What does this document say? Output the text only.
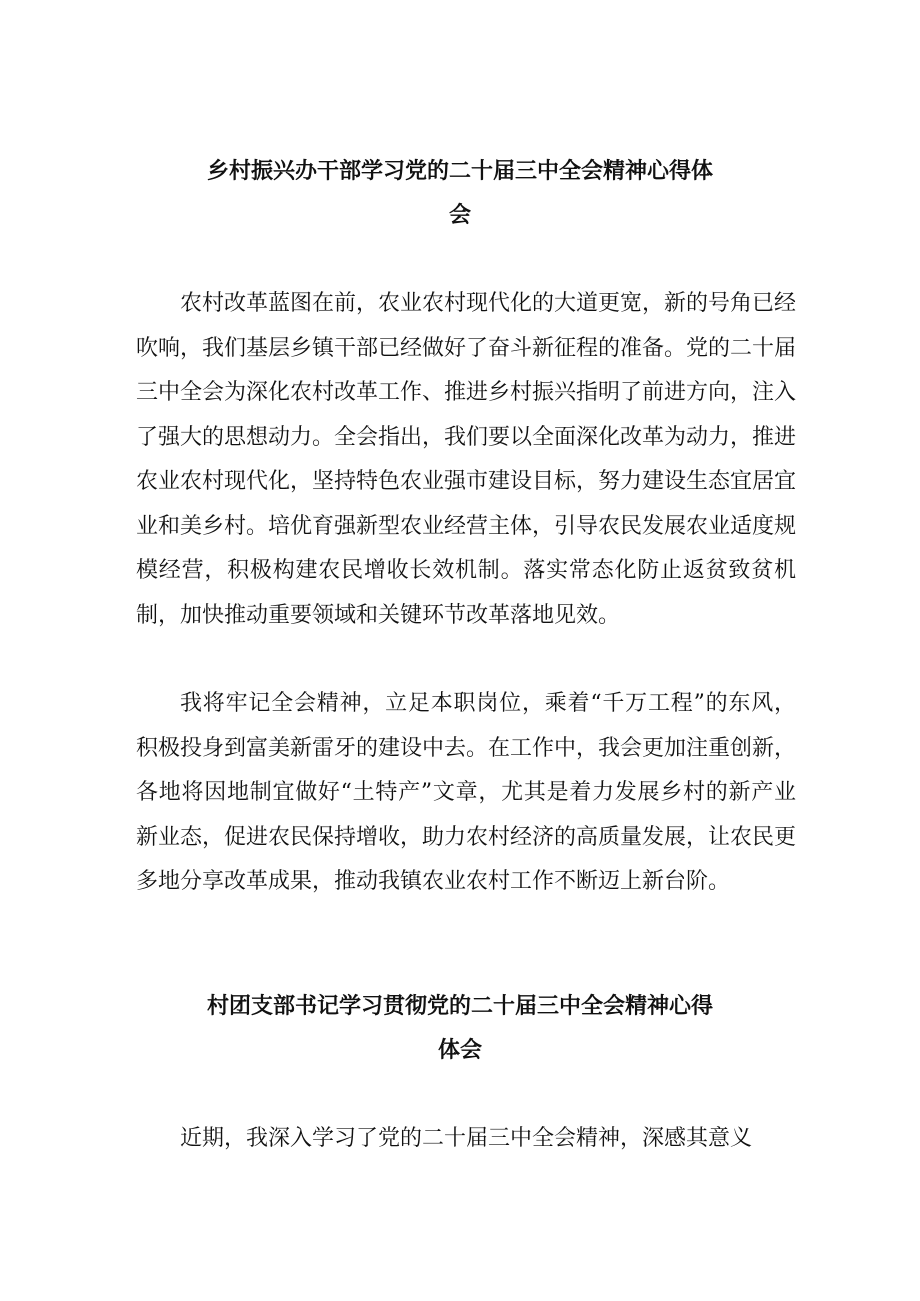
乡村振兴办干部学习党的二十届三中全会精神心得体
会

农村改革蓝图在前，农业农村现代化的大道更宽，新的号角已经吹响，我们基层乡镇干部已经做好了奋斗新征程的准备。党的二十届三中全会为深化农村改革工作、推进乡村振兴指明了前进方向，注入了强大的思想动力。全会指出，我们要以全面深化改革为动力，推进农业农村现代化，坚持特色农业强市建设目标，努力建设生态宜居宜业和美乡村。培优育强新型农业经营主体，引导农民发展农业适度规模经营，积极构建农民增收长效机制。落实常态化防止返贫致贫机制，加快推动重要领域和关键环节改革落地见效。

我将牢记全会精神，立足本职岗位，乘着“千万工程”的东风，积极投身到富美新雷牙的建设中去。在工作中，我会更加注重创新，各地将因地制宜做好“土特产”文章，尤其是着力发展乡村的新产业新业态，促进农民保持增收，助力农村经济的高质量发展，让农民更多地分享改革成果，推动我镇农业农村工作不断迈上新台阶。

村团支部书记学习贯彻党的二十届三中全会精神心得
体会

近期，我深入学习了党的二十届三中全会精神，深感其意义
